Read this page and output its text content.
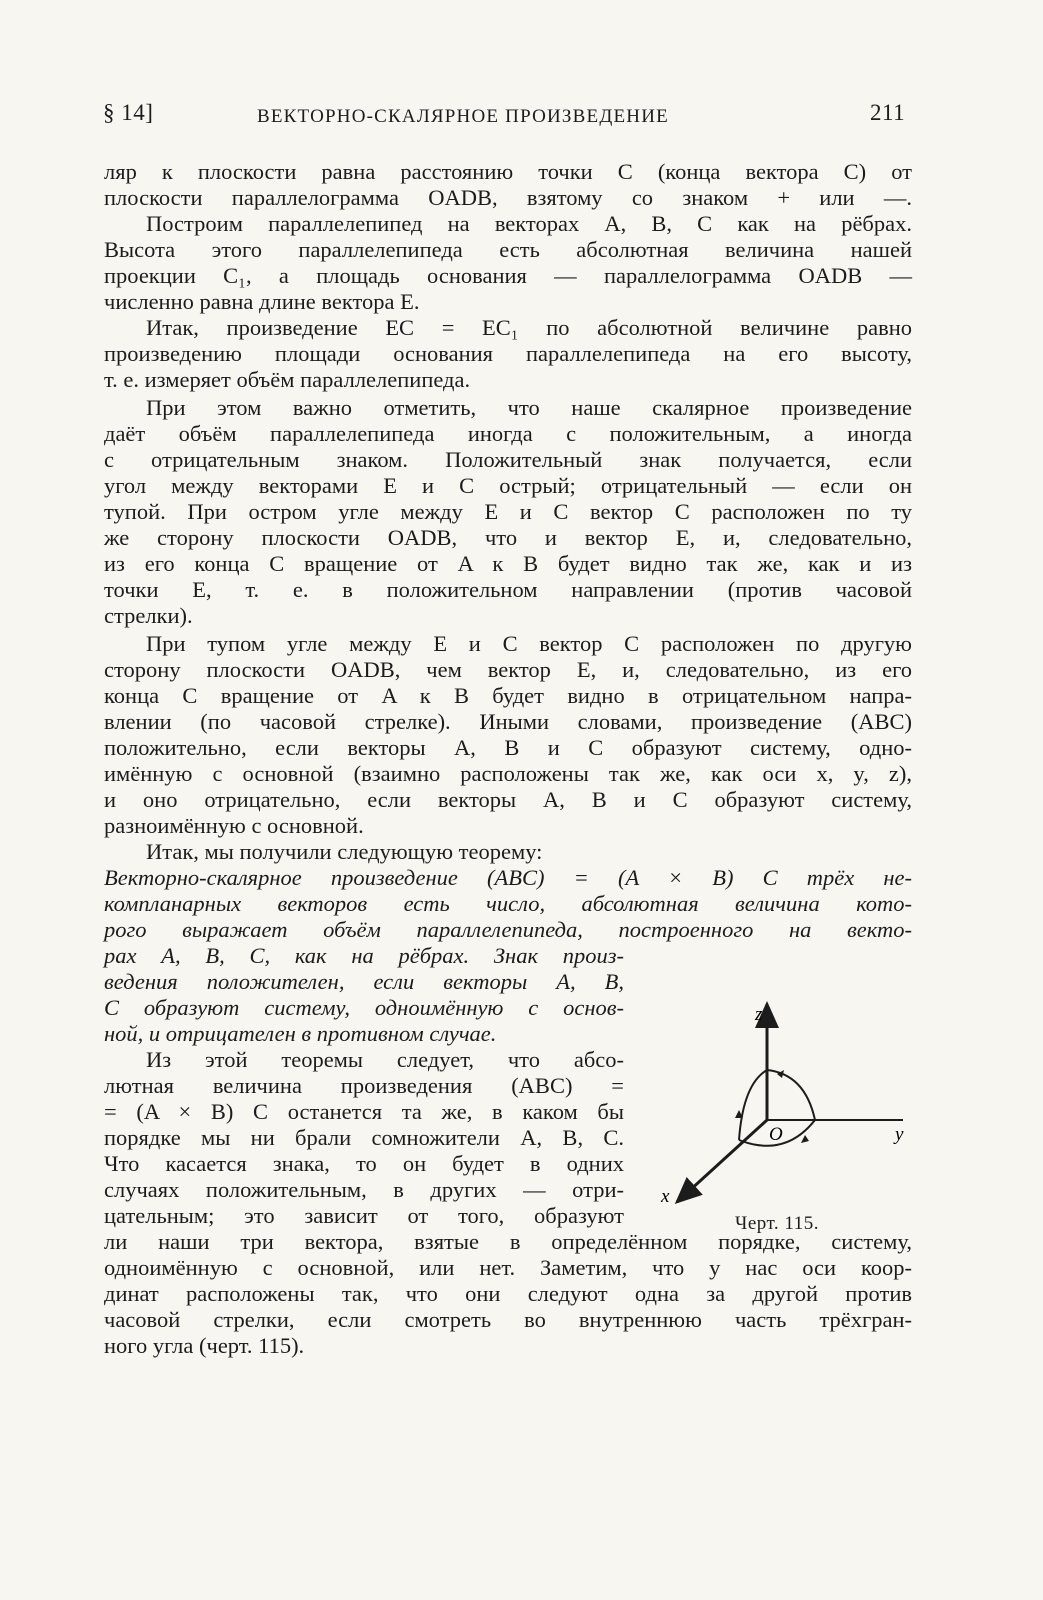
§ 14]	ВЕКТОРНО-СКАЛЯРНОЕ ПРОИЗВЕДЕНИЕ	211
ляр к плоскости равна расстоянию точки C (конца вектора C) от
плоскости параллелограмма OADB, взятому со знаком + или —.
Построим параллелепипед на векторах A, B, C как на рёбрах.
Высота этого параллелепипеда есть абсолютная величина нашей
проекции C₁, а площадь основания — параллелограмма OADB —
численно равна длине вектора E.
Итак, произведение EC = EC₁ по абсолютной величине равно
произведению площади основания параллелепипеда на его высоту,
т. е. измеряет объём параллелепипеда.
При этом важно отметить, что наше скалярное произведение
даёт объём параллелепипеда иногда с положительным, а иногда
с отрицательным знаком. Положительный знак получается, если
угол между векторами E и C острый; отрицательный — если он
тупой. При остром угле между E и C вектор C расположен по ту
же сторону плоскости OADB, что и вектор E, и, следовательно,
из его конца C вращение от A к B будет видно так же, как и из
точки E, т. е. в положительном направлении (против часовой
стрелки).
При тупом угле между E и C вектор C расположен по другую
сторону плоскости OADB, чем вектор E, и, следовательно, из его
конца C вращение от A к B будет видно в отрицательном напра-
влении (по часовой стрелке). Иными словами, произведение (ABC)
положительно, если векторы A, B и C образуют систему, одно-
имённую с основной (взаимно расположены так же, как оси x, y, z),
и оно отрицательно, если векторы A, B и C образуют систему,
разноимённую с основной.
Итак, мы получили следующую теорему:
Векторно-скалярное произведение (ABC) = (A × B) C трёх не-
компланарных векторов есть число, абсолютная величина кото-
рого выражает объём параллелепипеда, построенного на векто-
рах A, B, C, как на рёбрах. Знак произ-
ведения положителен, если векторы A, B,
C образуют систему, одноимённую с основ-
ной, и отрицателен в противном случае.
Из этой теоремы следует, что абсо-
лютная величина произведения (ABC) =
= (A × B) C останется та же, в каком бы
порядке мы ни брали сомножители A, B, C.
Что касается знака, то он будет в одних
случаях положительным, в других — отри-
цательным; это зависит от того, образуют
ли наши три вектора, взятые в определённом порядке, систему,
одноимённую с основной, или нет. Заметим, что у нас оси коор-
динат расположены так, что они следуют одна за другой против
часовой стрелки, если смотреть во внутреннюю часть трёхгран-
ного угла (черт. 115).
z
y
x
O
Черт. 115.
